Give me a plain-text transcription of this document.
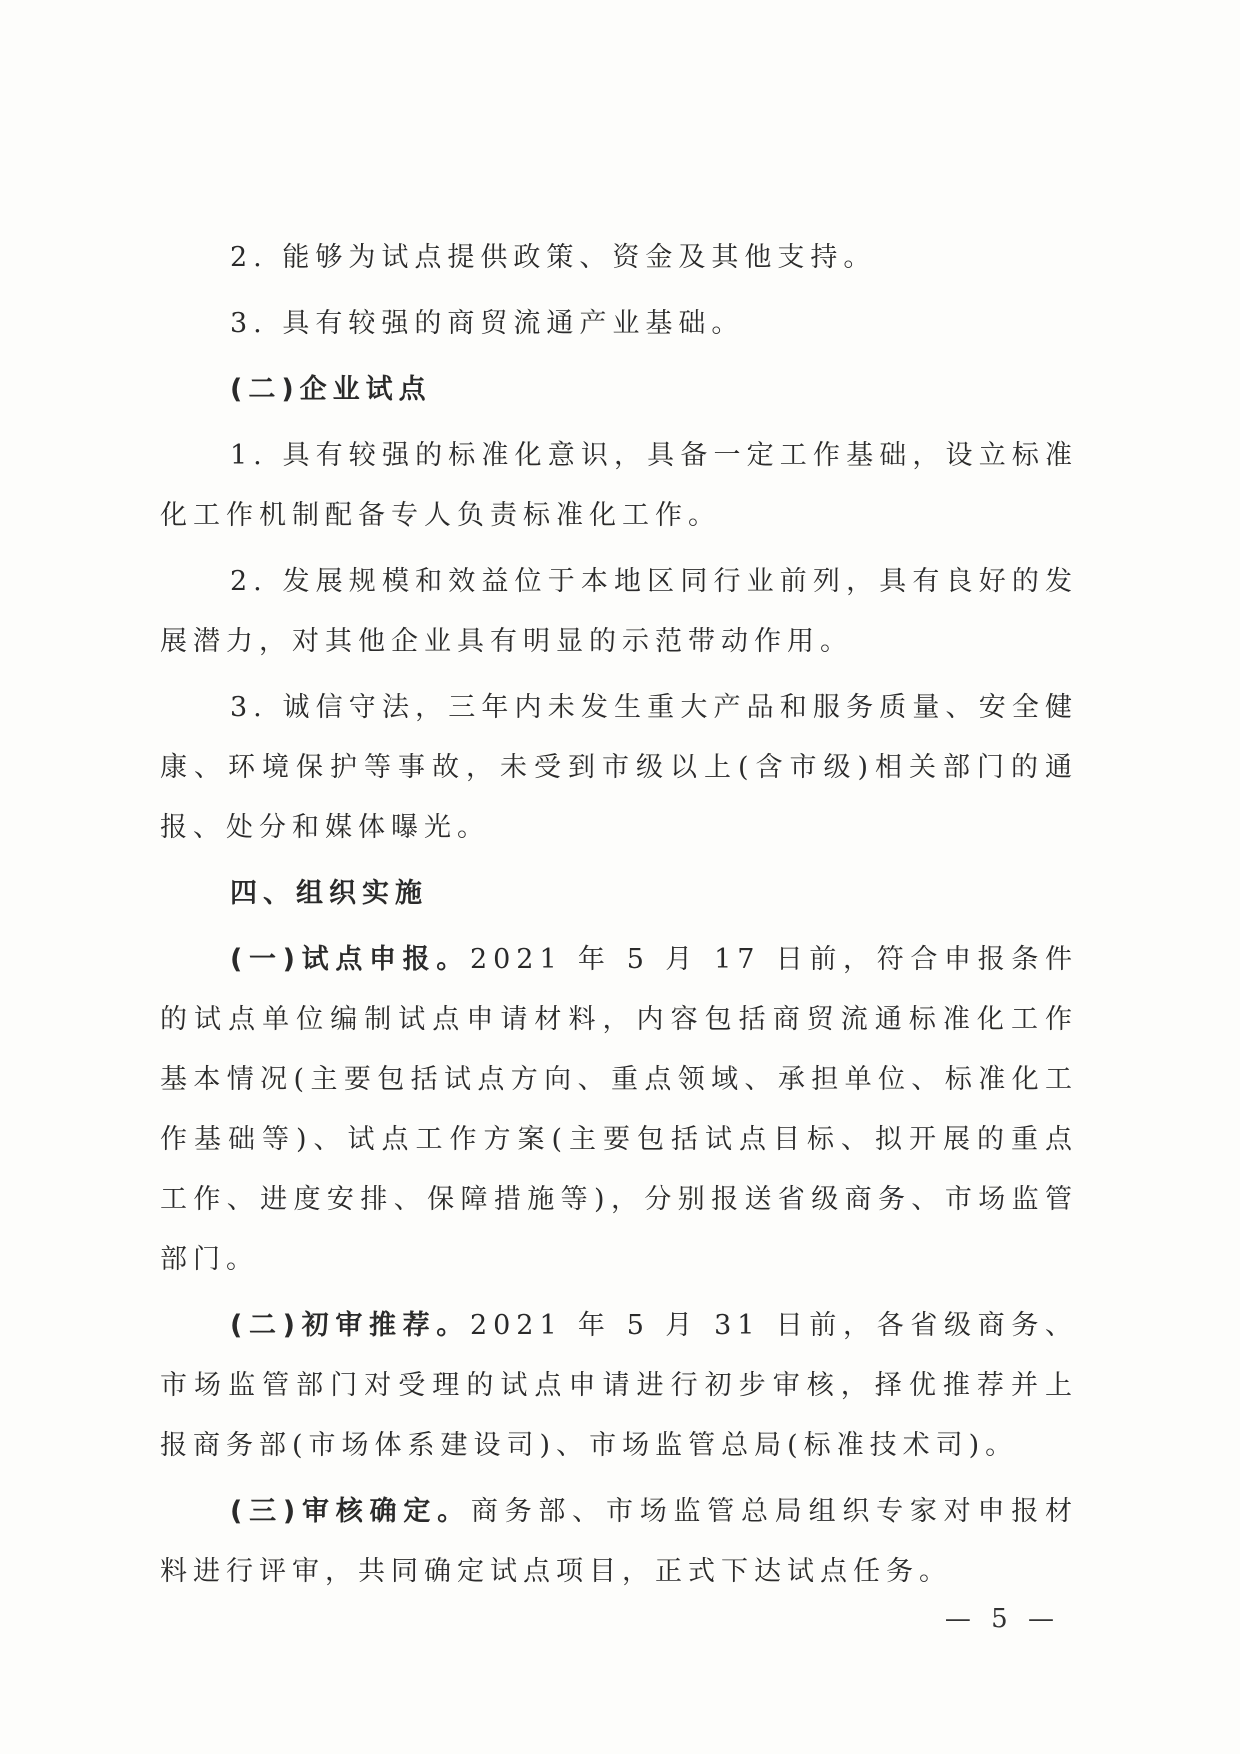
2. 能够为试点提供政策、资金及其他支持。

3. 具有较强的商贸流通产业基础。

(二)企业试点

1. 具有较强的标准化意识，具备一定工作基础，设立标准化工作机制配备专人负责标准化工作。

2. 发展规模和效益位于本地区同行业前列，具有良好的发展潜力，对其他企业具有明显的示范带动作用。

3. 诚信守法，三年内未发生重大产品和服务质量、安全健康、环境保护等事故，未受到市级以上(含市级)相关部门的通报、处分和媒体曝光。

四、组织实施

(一)试点申报。2021 年 5 月 17 日前，符合申报条件的试点单位编制试点申请材料，内容包括商贸流通标准化工作基本情况(主要包括试点方向、重点领域、承担单位、标准化工作基础等)、试点工作方案(主要包括试点目标、拟开展的重点工作、进度安排、保障措施等)，分别报送省级商务、市场监管部门。

(二)初审推荐。2021 年 5 月 31 日前，各省级商务、市场监管部门对受理的试点申请进行初步审核，择优推荐并上报商务部(市场体系建设司)、市场监管总局(标准技术司)。

(三)审核确定。商务部、市场监管总局组织专家对申报材料进行评审，共同确定试点项目，正式下达试点任务。

— 5 —
